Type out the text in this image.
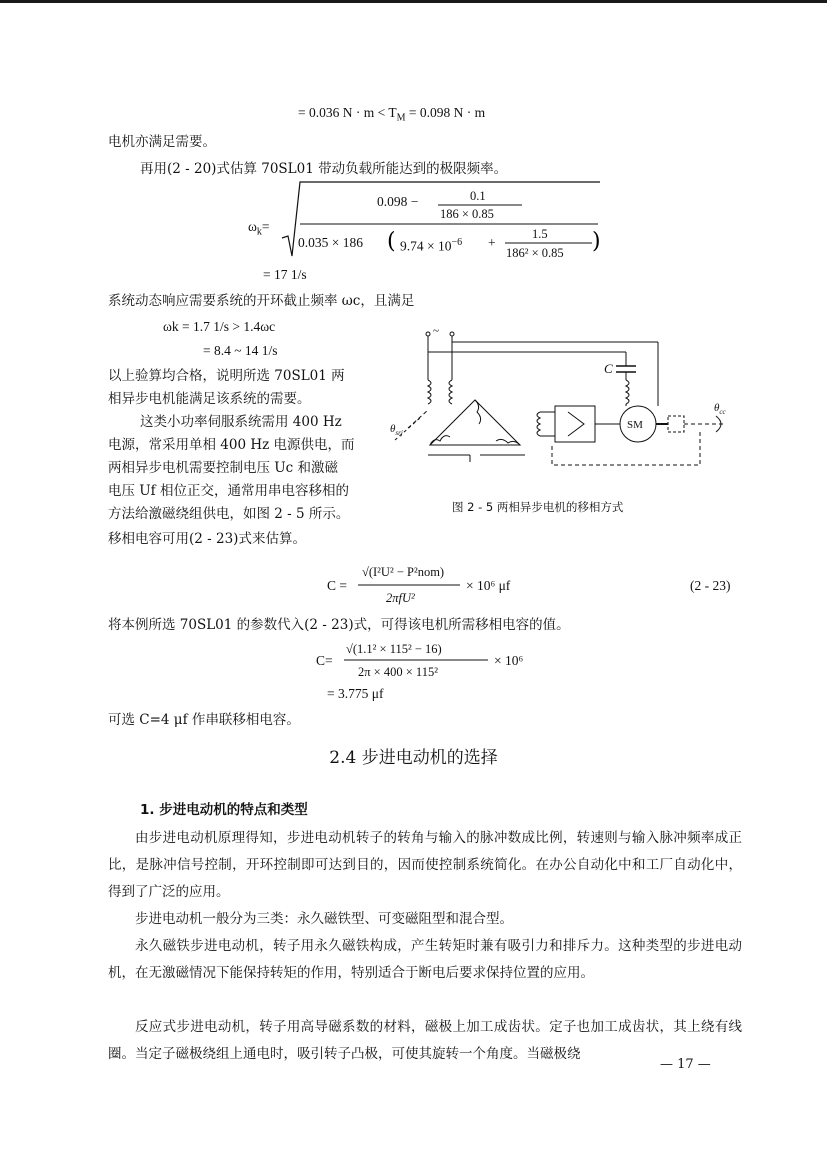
= 0.036 $N \cdot m < T_M = 0.098$ N · m
电机亦满足需要。
再用(2 - 20)式估算 70SL01 带动负载所能达到的极限频率。
$\omega_k=$
0.098 −	0.1
186 × 0.85
0.035 × 186	$9.74 \times 10^{-6}$ +
1.5
186² × 0.85
= 17 1/s
系统动态响应需要系统的开环截止频率 ωc，且满足
ωk = 1.7 1/s > 1.4ωc
= 8.4 ~ 14 1/s
以上验算均合格，说明所选 70SL01 两
相异步电机能满足该系统的需要。
这类小功率伺服系统需用 400 Hz
电源，常采用单相 400 Hz 电源供电，而
两相异步电机需要控制电压 Uc 和激磁
电压 Uf 相位正交，通常用串电容移相的
方法给激磁绕组供电，如图 2 - 5 所示。
移相电容可用(2 - 23)式来估算。
(	)
~
C
SM
$\theta_{srj}$
$\theta_{cc}$
图 2 - 5 两相异步电机的移相方式
C =
√(I²U² − P²nom)
2πfU²
× 10⁶ μf	(2 - 23)
将本例所选 70SL01 的参数代入(2 - 23)式，可得该电机所需移相电容的值。
C=
√(1.1² × 115² − 16)
2π × 400 × 115²
× 10⁶
= 3.775 μf
可选 C=4 μf 作串联移相电容。
2.4 步进电动机的选择
1. 步进电动机的特点和类型
由步进电动机原理得知，步进电动机转子的转角与输入的脉冲数成比例，转速则与输入脉冲频率成正比，是脉冲信号控制，开环控制即可达到目的，因而使控制系统简化。在办公自动化中和工厂自动化中，得到了广泛的应用。
步进电动机一般分为三类：永久磁铁型、可变磁阻型和混合型。
永久磁铁步进电动机，转子用永久磁铁构成，产生转矩时兼有吸引力和排斥力。这种类型的步进电动机，在无激磁情况下能保持转矩的作用，特别适合于断电后要求保持位置的应用。
反应式步进电动机，转子用高导磁系数的材料，磁极上加工成齿状。定子也加工成齿状，其上绕有线圈。当定子磁极绕组上通电时，吸引转子凸极，可使其旋转一个角度。当磁极绕
— 17 —
